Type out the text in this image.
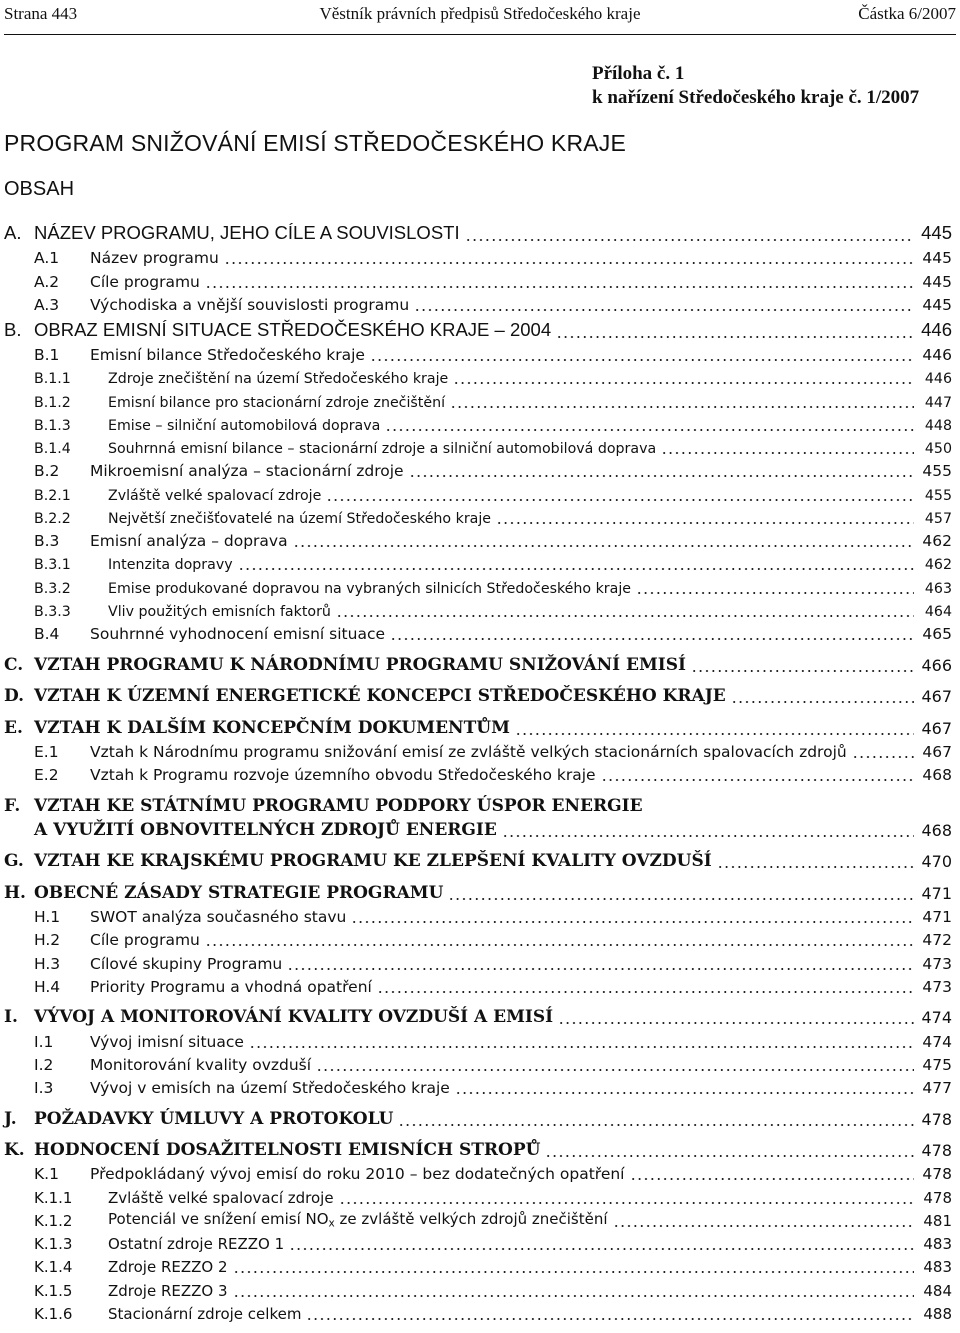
Strana 443	Věstník právních předpisů Středočeského kraje	Částka 6/2007
Příloha č. 1
k nařízení Středočeského kraje č. 1/2007
PROGRAM SNIŽOVÁNÍ EMISÍ STŘEDOČESKÉHO KRAJE
OBSAH
A. NÁZEV PROGRAMU, JEHO CÍLE A SOUVISLOSTI	445
A.1 Název programu	445
A.2 Cíle programu	445
A.3 Východiska a vnější souvislosti programu	445
B. OBRAZ EMISNÍ SITUACE STŘEDOČESKÉHO KRAJE – 2004	446
B.1 Emisní bilance Středočeského kraje	446
B.1.1	Zdroje znečištění na území Středočeského kraje	446
B.1.2	Emisní bilance pro stacionární zdroje znečištění	447
B.1.3	Emise – silniční automobilová doprava	448
B.1.4	Souhrnná emisní bilance – stacionární zdroje a silniční automobilová doprava	450
B.2 Mikroemisní analýza – stacionární zdroje	455
B.2.1	Zvláště velké spalovací zdroje	455
B.2.2	Největší znečišťovatelé na území Středočeského kraje	457
B.3 Emisní analýza – doprava	462
B.3.1	Intenzita dopravy	462
B.3.2	Emise produkované dopravou na vybraných silnicích Středočeského kraje	463
B.3.3	Vliv použitých emisních faktorů	464
B.4 Souhrnné vyhodnocení emisní situace	465
C. VZTAH PROGRAMU K NÁRODNÍMU PROGRAMU SNIŽOVÁNÍ EMISÍ	466
D. VZTAH K ÚZEMNÍ ENERGETICKÉ KONCEPCI STŘEDOČESKÉHO KRAJE	467
E. VZTAH K DALŠÍM KONCEPČNÍM DOKUMENTŮM	467
E.1 Vztah k Národnímu programu snižování emisí ze zvláště velkých stacionárních spalovacích zdrojů	467
E.2 Vztah k Programu rozvoje územního obvodu Středočeského kraje	468
F. VZTAH KE STÁTNÍMU PROGRAMU PODPORY ÚSPOR ENERGIE
A VYUŽITÍ OBNOVITELNÝCH ZDROJŮ ENERGIE	468
G. VZTAH KE KRAJSKÉMU PROGRAMU KE ZLEPŠENÍ KVALITY OVZDUŠÍ	470
H. OBECNÉ ZÁSADY STRATEGIE PROGRAMU	471
H.1 SWOT analýza současného stavu	471
H.2 Cíle programu	472
H.3 Cílové skupiny Programu	473
H.4 Priority Programu a vhodná opatření	473
I. VÝVOJ A MONITOROVÁNÍ KVALITY OVZDUŠÍ A EMISÍ	474
I.1 Vývoj imisní situace	474
I.2 Monitorování kvality ovzduší	475
I.3 Vývoj v emisích na území Středočeského kraje	477
J. POŽADAVKY ÚMLUVY A PROTOKOLU	478
K. HODNOCENÍ DOSAŽITELNOSTI EMISNÍCH STROPŮ	478
K.1 Předpokládaný vývoj emisí do roku 2010 – bez dodatečných opatření	478
K.1.1 Zvláště velké spalovací zdroje	478
K.1.2 Potenciál ve snížení emisí $NO_x$ ze zvláště velkých zdrojů znečištění	481
K.1.3 Ostatní zdroje REZZO 1	483
K.1.4 Zdroje REZZO 2	483
K.1.5 Zdroje REZZO 3	484
K.1.6 Stacionární zdroje celkem	488
